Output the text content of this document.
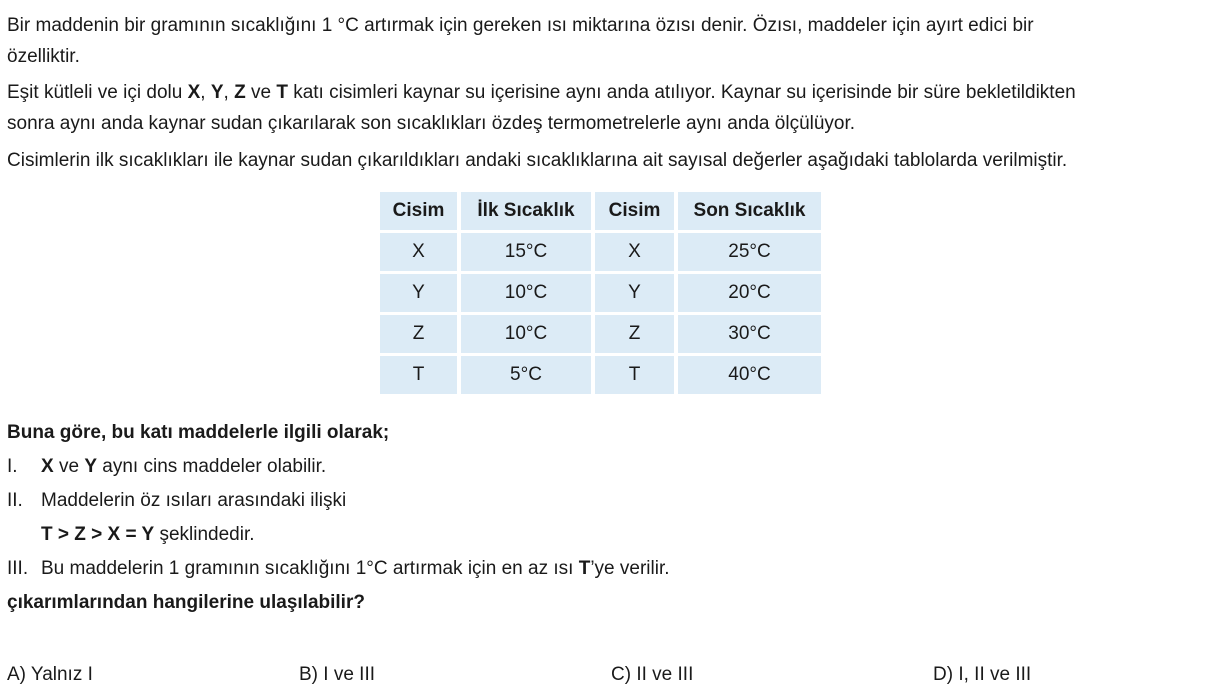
Bir maddenin bir gramının sıcaklığını 1 °C artırmak için gereken ısı miktarına özısı denir. Özısı, maddeler için ayırt edici bir
özelliktir.

Eşit kütleli ve içi dolu X, Y, Z ve T katı cisimleri kaynar su içerisine aynı anda atılıyor. Kaynar su içerisinde bir süre bekletildikten
sonra aynı anda kaynar sudan çıkarılarak son sıcaklıkları özdeş termometrelerle aynı anda ölçülüyor.

Cisimlerin ilk sıcaklıkları ile kaynar sudan çıkarıldıkları andaki sıcaklıklarına ait sayısal değerler aşağıdaki tablolarda verilmiştir.

Cisim	İlk Sıcaklık	Cisim	Son Sıcaklık
X	15°C	X	25°C
Y	10°C	Y	20°C
Z	10°C	Z	30°C
T	5°C	T	40°C

Buna göre, bu katı maddelerle ilgili olarak;

I.	X ve Y aynı cins maddeler olabilir.
II. Maddelerin öz ısıları arasındaki ilişki
T > Z > X = Y şeklindedir.
III. Bu maddelerin 1 gramının sıcaklığını 1°C artırmak için en az ısı T’ye verilir.

çıkarımlarından hangilerine ulaşılabilir?

A) Yalnız I	B) I ve III	C) II ve III	D) I, II ve III
